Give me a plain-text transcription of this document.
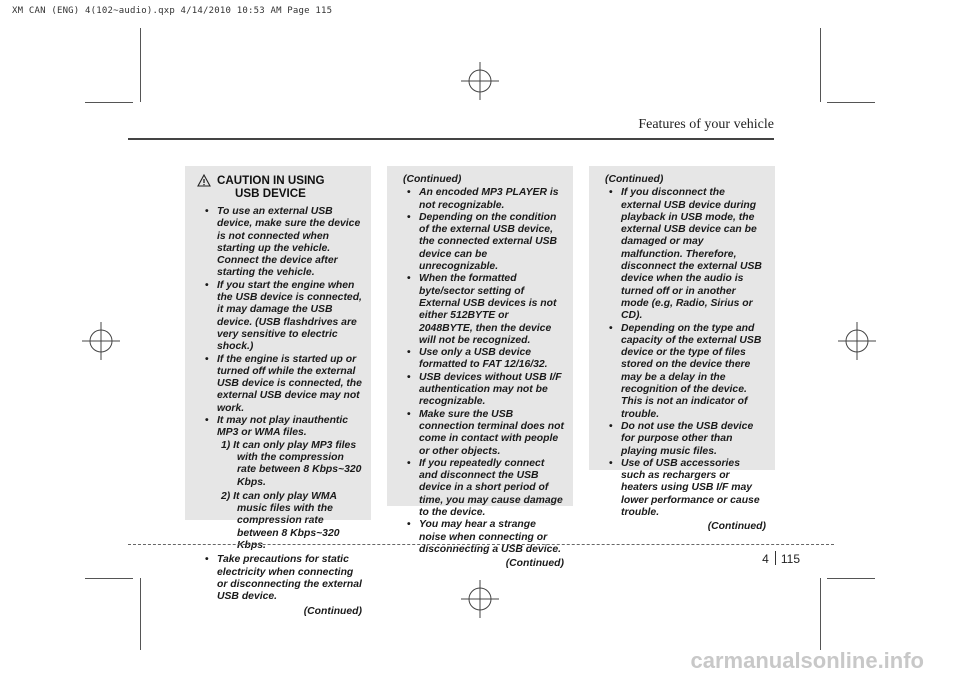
XM CAN (ENG) 4(102~audio).qxp 4/14/2010 10:53 AM Page 115
Features of your vehicle
CAUTION IN USING
USB DEVICE
• To use an external USB device, make sure the device is not connected when starting up the vehicle. Connect the device after starting the vehicle.
• If you start the engine when the USB device is connected, it may damage the USB device. (USB flashdrives are very sensitive to electric shock.)
• If the engine is started up or turned off while the external USB device is connected, the external USB device may not work.
• It may not play inauthentic MP3 or WMA files.
1) It can only play MP3 files with the compression rate between 8 Kbps~320 Kbps.
2) It can only play WMA music files with the compression rate between 8 Kbps~320 Kbps.
• Take precautions for static electricity when connecting or disconnecting the external USB device.
(Continued)
(Continued)
• An encoded MP3 PLAYER is not recognizable.
• Depending on the condition of the external USB device, the connected external USB device can be unrecognizable.
• When the formatted byte/sector setting of External USB devices is not either 512BYTE or 2048BYTE, then the device will not be recognized.
• Use only a USB device formatted to FAT 12/16/32.
• USB devices without USB I/F authentication may not be recognizable.
• Make sure the USB connection terminal does not come in contact with people or other objects.
• If you repeatedly connect and disconnect the USB device in a short period of time, you may cause damage to the device.
• You may hear a strange noise when connecting or disconnecting a USB device.
(Continued)
(Continued)
• If you disconnect the external USB device during playback in USB mode, the external USB device can be damaged or may malfunction. Therefore, disconnect the external USB device when the audio is turned off or in another mode (e.g, Radio, Sirius or CD).
• Depending on the type and capacity of the external USB device or the type of files stored on the device there may be a delay in the recognition of the device. This is not an indicator of trouble.
• Do not use the USB device for purpose other than playing music files.
• Use of USB accessories such as rechargers or heaters using USB I/F may lower performance or cause trouble.
(Continued)
4 115
carmanualsonline.info
